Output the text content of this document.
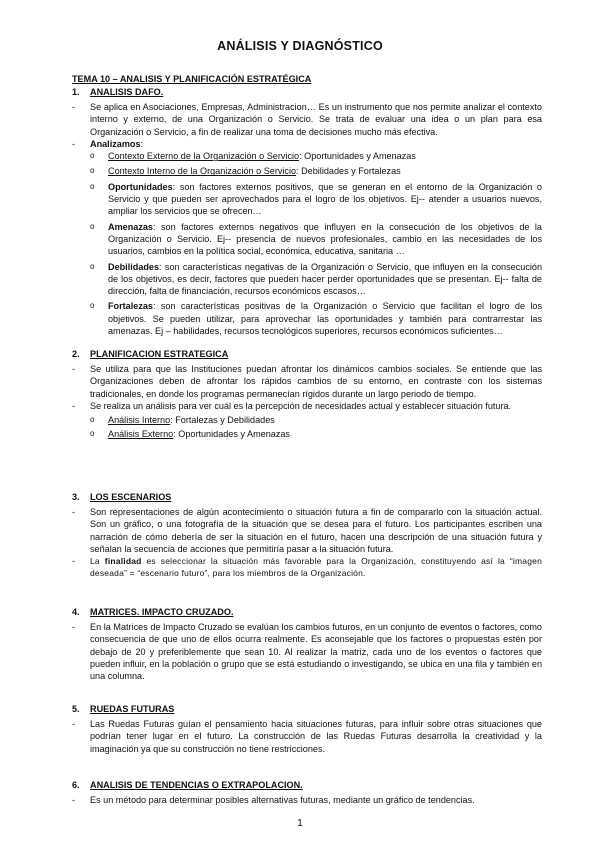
ANÁLISIS Y DIAGNÓSTICO
TEMA 10 – ANALISIS Y PLANIFICACIÓN ESTRATÉGICA
1.	ANALISIS DAFO.
-	Se aplica en Asociaciones, Empresas, Administracion… Es un instrumento que nos permite analizar el contexto interno y externo, de una Organización o Servicio. Se trata de evaluar una idea o un plan para esa Organización o Servicio, a fin de realizar una toma de decisiones mucho más efectiva.
-	Analizamos:
o	Contexto Externo de la Organización o Servicio: Oportunidades y Amenazas
o	Contexto Interno de la Organización o Servicio: Debilidades y Fortalezas
o	Oportunidades: son factores externos positivos, que se generan en el entorno de la Organización o Servicio y que pueden ser aprovechados para el logro de los objetivos. Ej-- atender a usuarios nuevos, ampliar los servicios que se ofrecen…
o	Amenazas: son factores externos negativos que influyen en la consecución de los objetivos de la Organización o Servicio. Ej-- presencia de nuevos profesionales, cambio en las necesidades de los usuarios, cambios en la política social, económica, educativa, sanitaria …
o	Debilidades: son características negativas de la Organización o Servicio, que influyen en la consecución de los objetivos, es decir, factores que pueden hacer perder oportunidades que se presentan. Ej-- falta de dirección, falta de financiación, recursos económicos escasos…
o	Fortalezas: son características positivas de la Organización o Servicio que facilitan el logro de los objetivos. Se pueden utilizar, para aprovechar las oportunidades y también para contrarrestar las amenazas. Ej – habilidades, recursos tecnológicos superiores, recursos económicos suficientes…
2.	PLANIFICACION ESTRATEGICA
-	Se utiliza para que las Instituciones puedan afrontar los dinámicos cambios sociales. Se entiende que las Organizaciones deben de afrontar los rápidos cambios de su entorno, en contraste con los sistemas tradicionales, en donde los programas permanecían rígidos durante un largo periodo de tiempo.
-	Se realiza un análisis para ver cuál es la percepción de necesidades actual y establecer situación futura.
o	Análisis Interno: Fortalezas y Debilidades
o	Análisis Externo: Oportunidades y Amenazas
3.	LOS ESCENARIOS
-	Son representaciones de algún acontecimiento o situación futura a fin de compararlo con la situación actual. Son un gráfico, o una fotografía de la situación que se desea para el futuro. Los participantes escriben una narración de cómo debería de ser la situación en el futuro, hacen una descripción de una situación futura y señalan la secuencia de acciones que permitiría pasar a la situación futura.
-	La finalidad es seleccionar la situación más favorable para la Organización, constituyendo así la “imagen deseada” = “escenario futuro”, para los miembros de la Organización.
4.	MATRICES. IMPACTO CRUZADO.
-	En la Matrices de Impacto Cruzado se evalúan los cambios futuros, en un conjunto de eventos o factores, como consecuencia de que uno de ellos ocurra realmente. Es aconsejable que los factores o propuestas estén por debajo de 20 y preferiblemente que sean 10. Al realizar la matriz, cada uno de los eventos o factores que pueden influir, en la población o grupo que se está estudiando o investigando, se ubica en una fila y también en una columna.
5.	RUEDAS FUTURAS
-	Las Ruedas Futuras guían el pensamiento hacia situaciones futuras, para influir sobre otras situaciones que podrían tener lugar en el futuro. La construcción de las Ruedas Futuras desarrolla la creatividad y la imaginación ya que su construcción no tiene restricciones.
6.	ANALISIS DE TENDENCIAS O EXTRAPOLACION.
-	Es un método para determinar posibles alternativas futuras, mediante un gráfico de tendencias.
1
